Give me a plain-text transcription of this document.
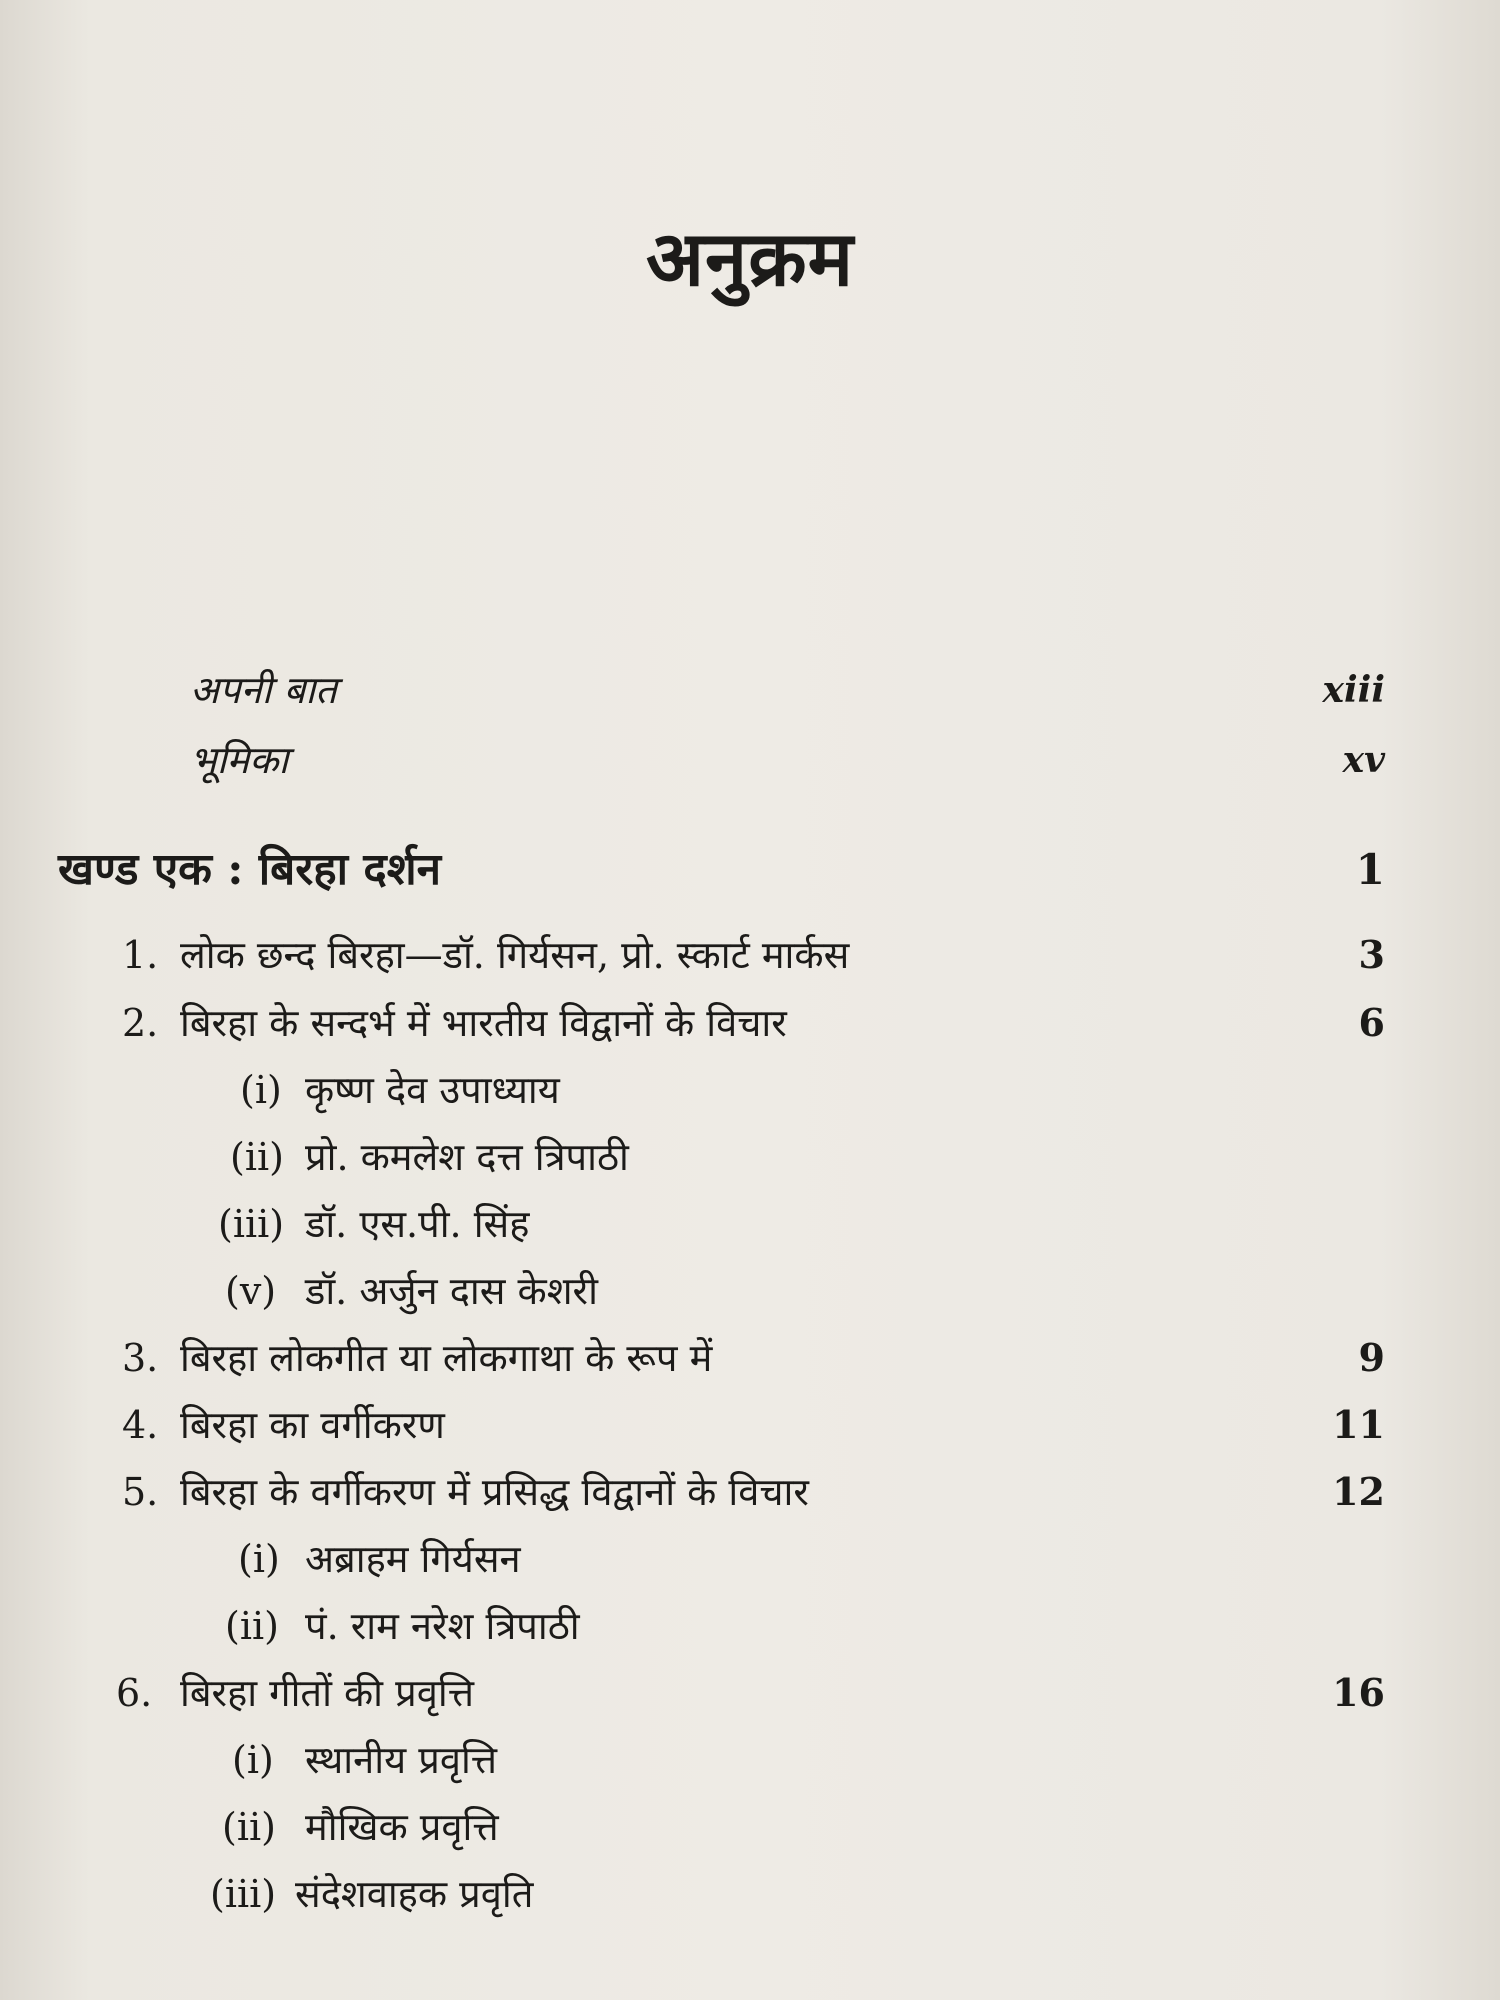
अनुक्रम
अपनी बात	xiii
भूमिका	xv
खण्ड एक : बिरहा दर्शन	1
1. लोक छन्द बिरहा—डॉ. गिर्यसन, प्रो. स्कार्ट मार्कस	3
2. बिरहा के सन्दर्भ में भारतीय विद्वानों के विचार	6
(i) कृष्ण देव उपाध्याय
(ii) प्रो. कमलेश दत्त त्रिपाठी
(iii) डॉ. एस.पी. सिंह
(v) डॉ. अर्जुन दास केशरी
3. बिरहा लोकगीत या लोकगाथा के रूप में	9
4. बिरहा का वर्गीकरण	11
5. बिरहा के वर्गीकरण में प्रसिद्ध विद्वानों के विचार	12
(i) अब्राहम गिर्यसन
(ii) पं. राम नरेश त्रिपाठी
6. बिरहा गीतों की प्रवृत्ति	16
(i) स्थानीय प्रवृत्ति
(ii) मौखिक प्रवृत्ति
(iii) संदेशवाहक प्रवृति
